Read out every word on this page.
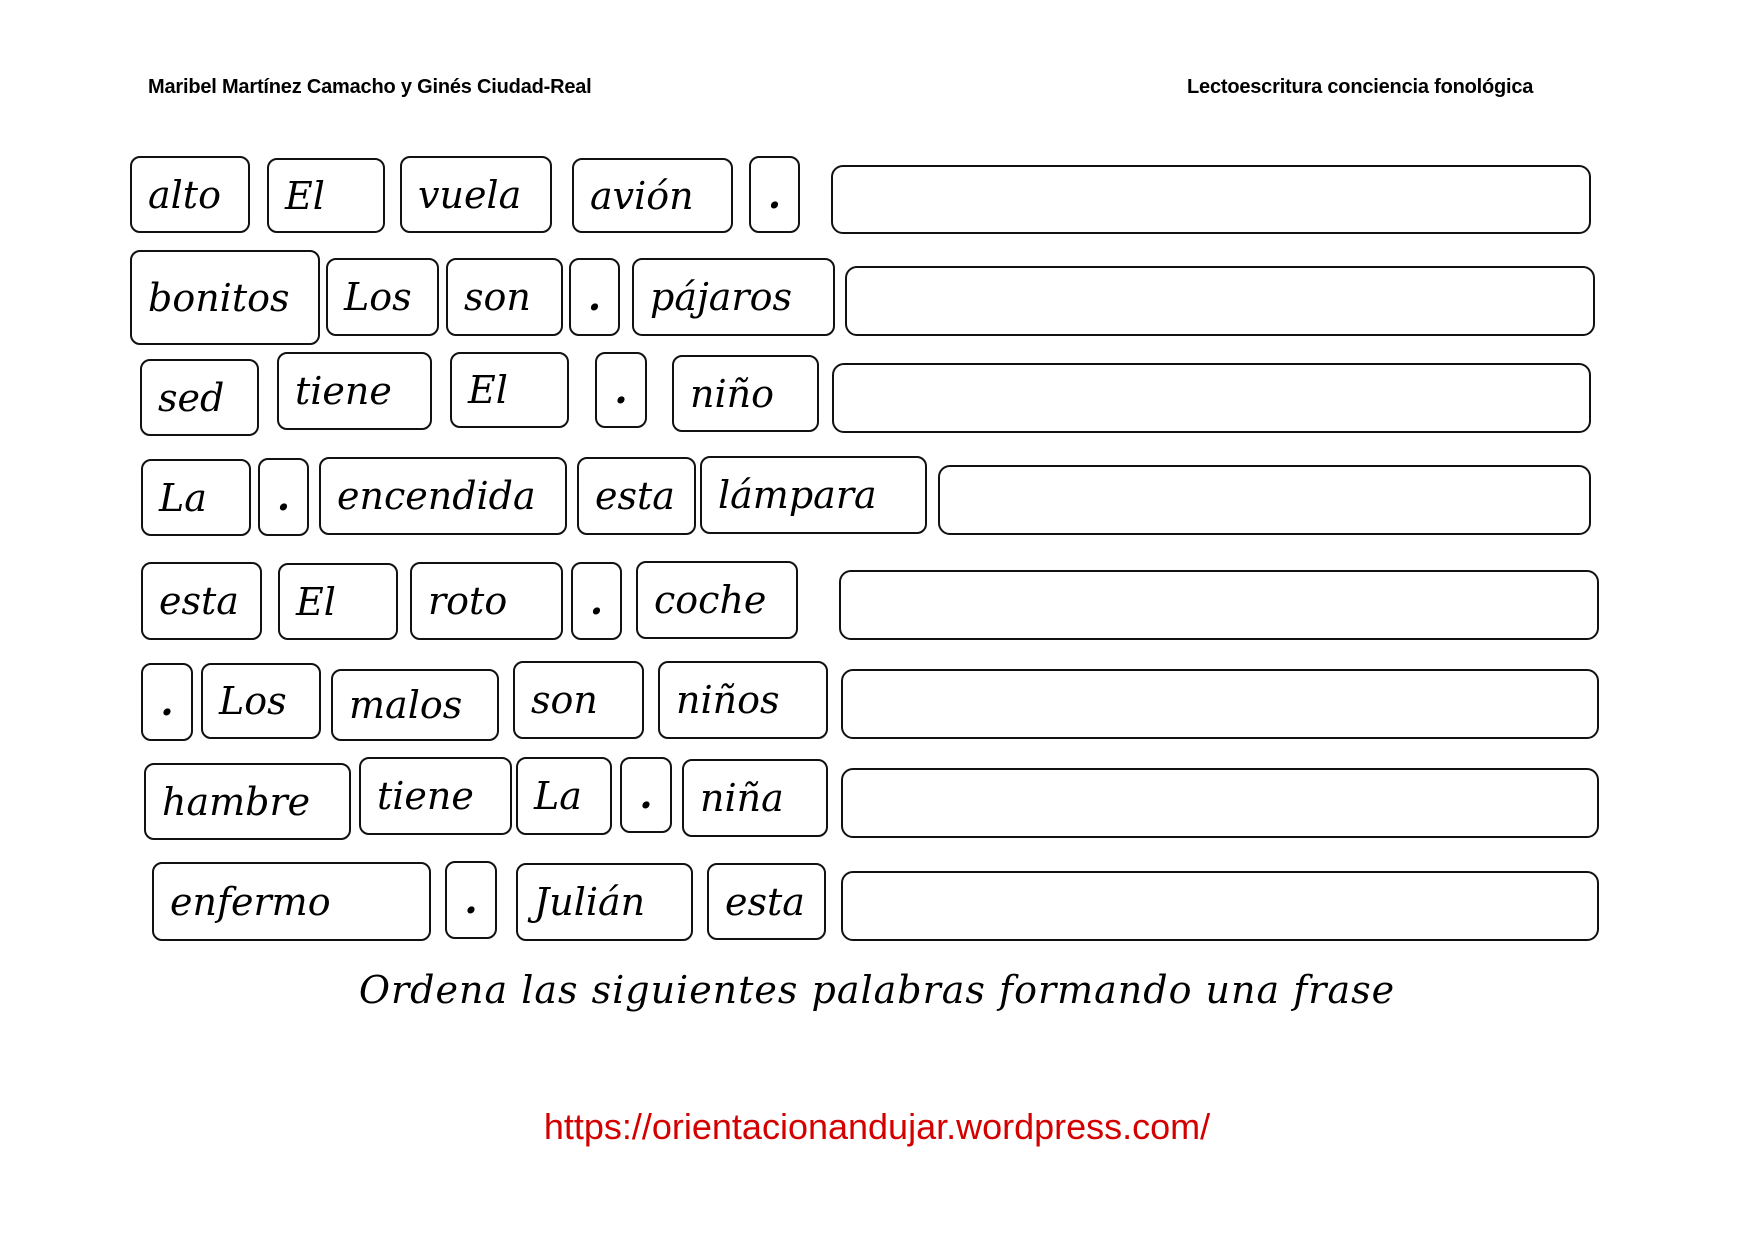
Maribel Martínez Camacho y Ginés Ciudad-Real	Lectoescritura conciencia fonológica
alto	El	vuela	avión	.
bonitos	Los	son	.	pájaros
sed	tiene	El	.	niño
La	.	encendida	esta	lámpara
esta	El	roto	.	coche
.	Los	malos	son	niños
hambre	tiene	La	.	niña
enfermo	.	Julián	esta
Ordena las siguientes palabras formando una frase
https://orientacionandujar.wordpress.com/
